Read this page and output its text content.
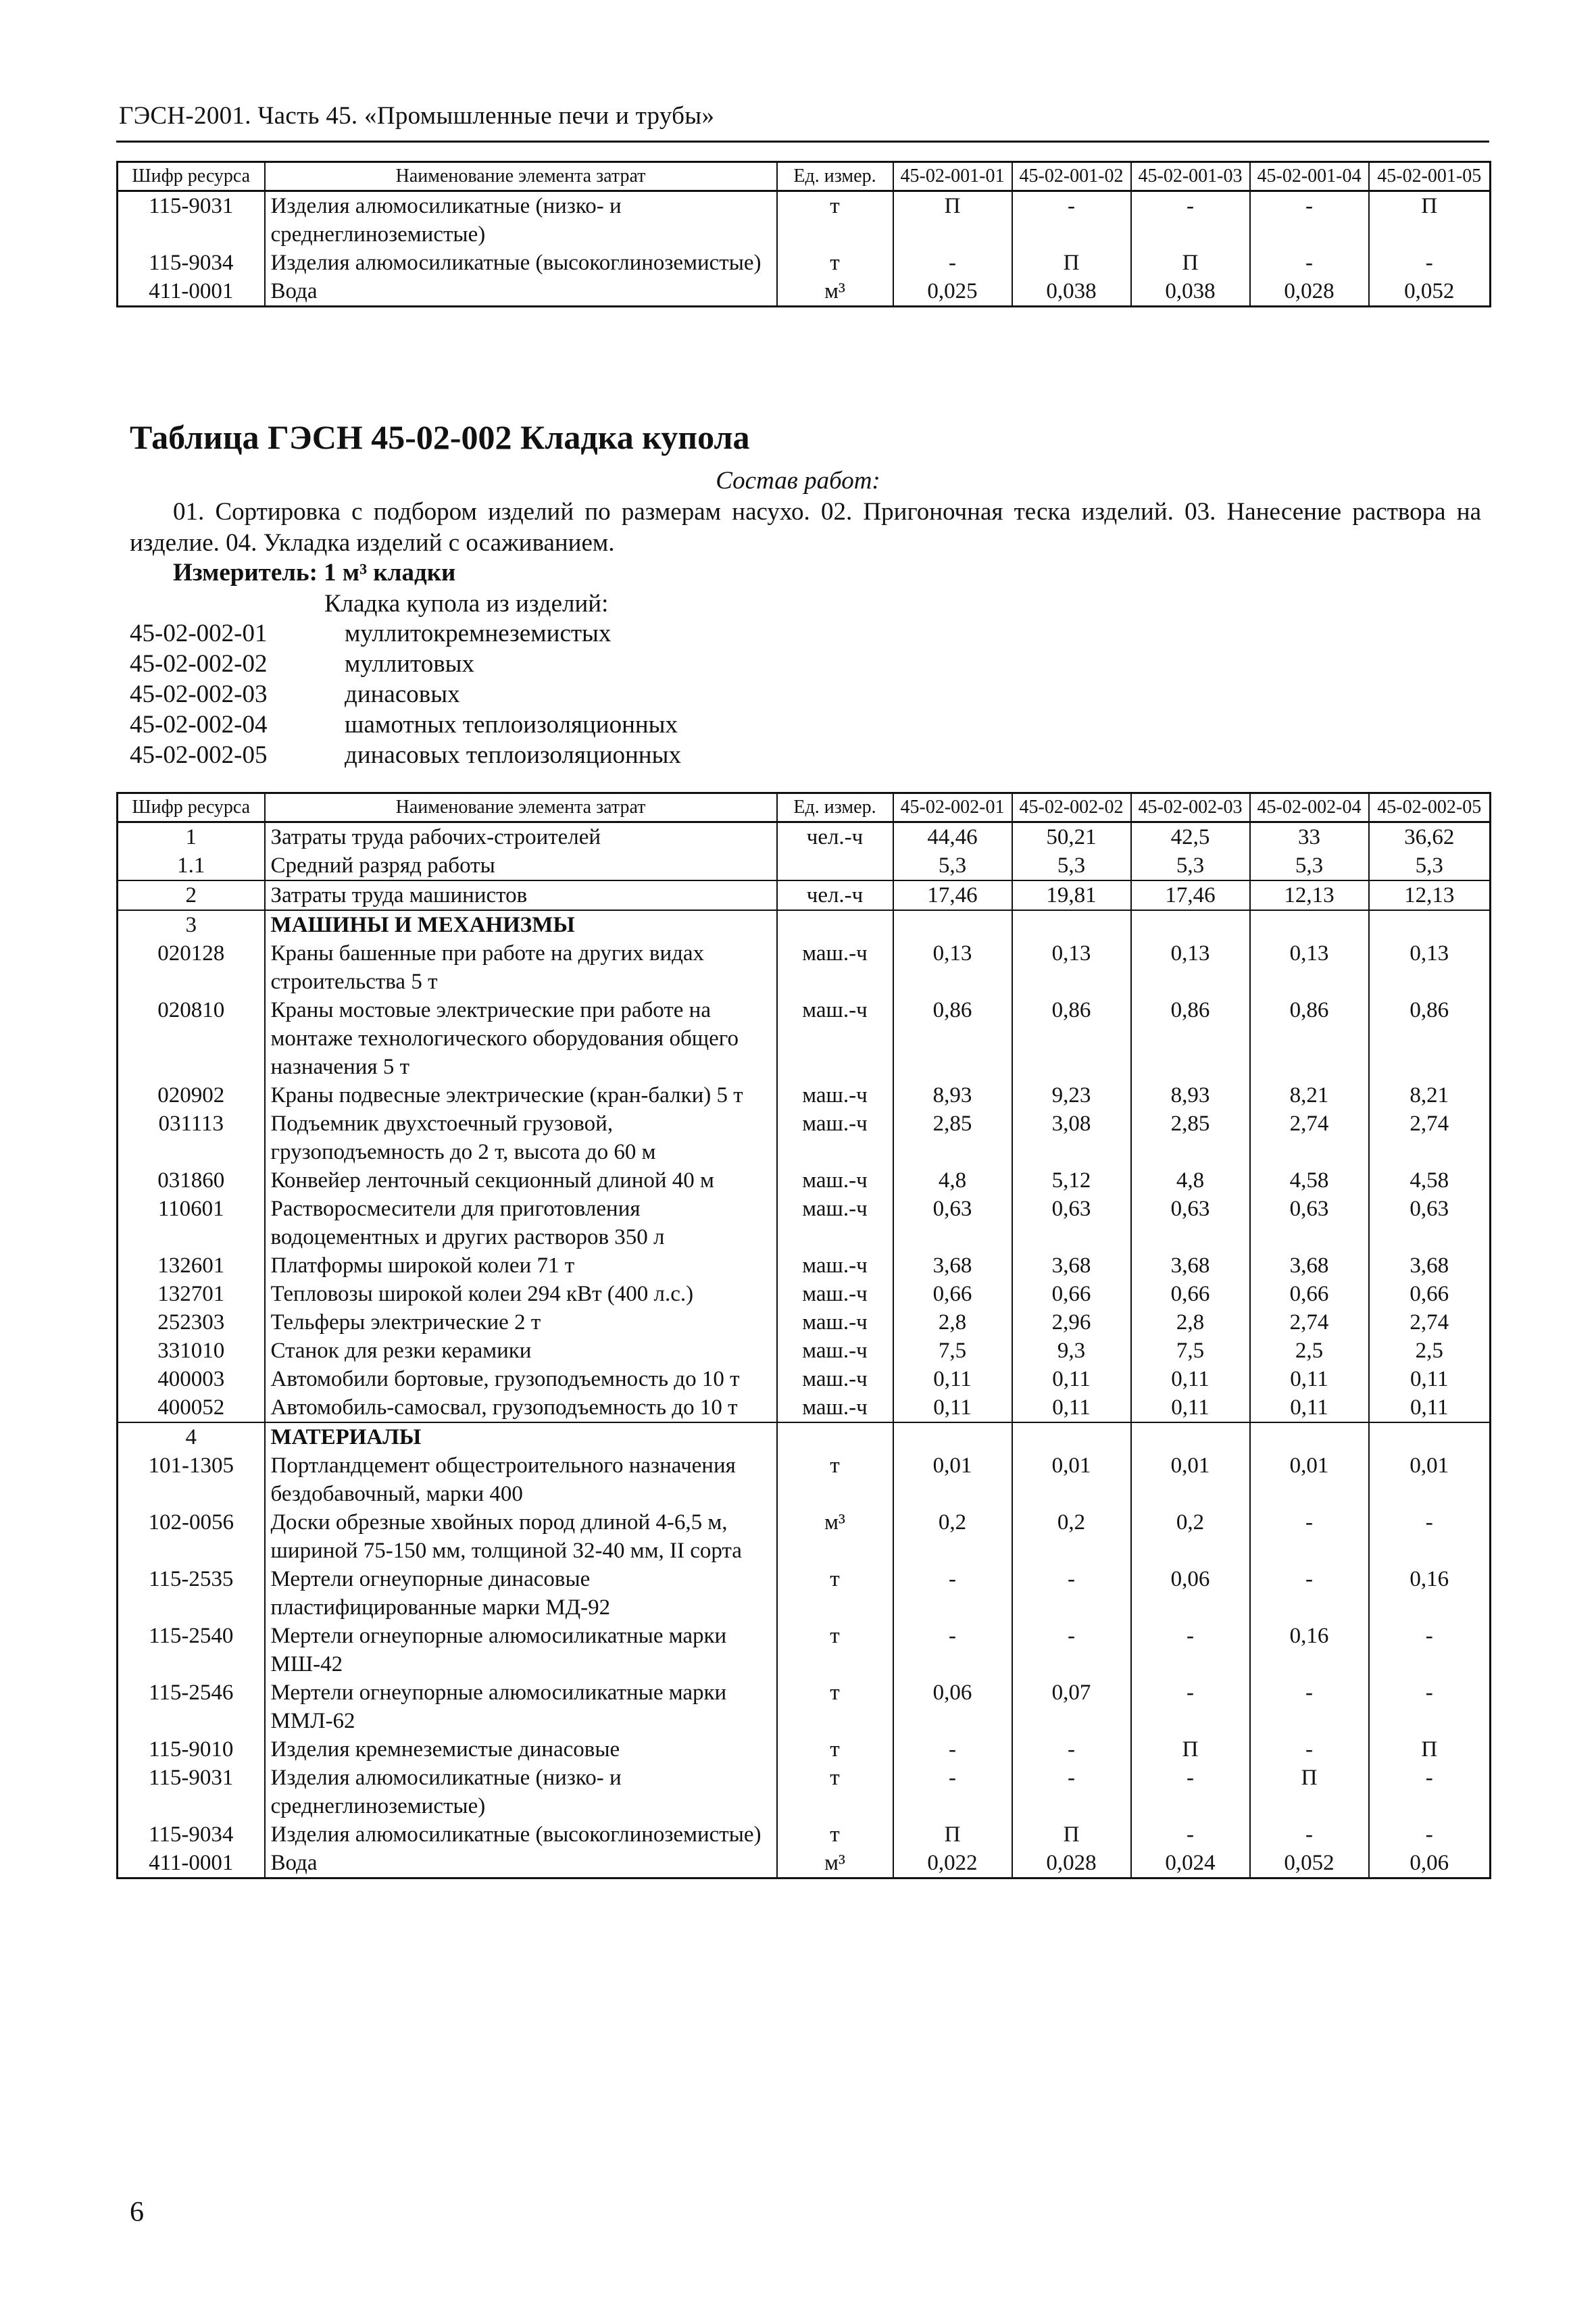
ГЭСН-2001. Часть 45. «Промышленные печи и трубы»
Шифр ресурса	Наименование элемента затрат	Ед. измер.	45-02-001-01	45-02-001-02	45-02-001-03	45-02-001-04	45-02-001-05
115-9031	Изделия алюмосиликатные (низко- и среднеглиноземистые)	т	П	-	-	-	П
115-9034	Изделия алюмосиликатные (высокоглиноземистые)	т	-	П	П	-	-
411-0001	Вода	м³	0,025	0,038	0,038	0,028	0,052
Таблица ГЭСН 45-02-002 Кладка купола
Состав работ:
01. Сортировка с подбором изделий по размерам насухо. 02. Пригоночная теска изделий. 03. Нанесение раствора на изделие. 04. Укладка изделий с осаживанием.
Измеритель: 1 м³ кладки
Кладка купола из изделий:
45-02-002-01	муллитокремнеземистых
45-02-002-02	муллитовых
45-02-002-03	динасовых
45-02-002-04	шамотных теплоизоляционных
45-02-002-05	динасовых теплоизоляционных
Шифр ресурса	Наименование элемента затрат	Ед. измер.	45-02-002-01	45-02-002-02	45-02-002-03	45-02-002-04	45-02-002-05
1	Затраты труда рабочих-строителей	чел.-ч	44,46	50,21	42,5	33	36,62
1.1	Средний разряд работы		5,3	5,3	5,3	5,3	5,3
2	Затраты труда машинистов	чел.-ч	17,46	19,81	17,46	12,13	12,13
3	МАШИНЫ И МЕХАНИЗМЫ						
020128	Краны башенные при работе на других видах строительства 5 т	маш.-ч	0,13	0,13	0,13	0,13	0,13
020810	Краны мостовые электрические при работе на монтаже технологического оборудования общего назначения 5 т	маш.-ч	0,86	0,86	0,86	0,86	0,86
020902	Краны подвесные электрические (кран-балки) 5 т	маш.-ч	8,93	9,23	8,93	8,21	8,21
031113	Подъемник двухстоечный грузовой, грузоподъемность до 2 т, высота до 60 м	маш.-ч	2,85	3,08	2,85	2,74	2,74
031860	Конвейер ленточный секционный длиной 40 м	маш.-ч	4,8	5,12	4,8	4,58	4,58
110601	Растворосмесители для приготовления водоцементных и других растворов 350 л	маш.-ч	0,63	0,63	0,63	0,63	0,63
132601	Платформы широкой колеи 71 т	маш.-ч	3,68	3,68	3,68	3,68	3,68
132701	Тепловозы широкой колеи 294 кВт (400 л.с.)	маш.-ч	0,66	0,66	0,66	0,66	0,66
252303	Тельферы электрические 2 т	маш.-ч	2,8	2,96	2,8	2,74	2,74
331010	Станок для резки керамики	маш.-ч	7,5	9,3	7,5	2,5	2,5
400003	Автомобили бортовые, грузоподъемность до 10 т	маш.-ч	0,11	0,11	0,11	0,11	0,11
400052	Автомобиль-самосвал, грузоподъемность до 10 т	маш.-ч	0,11	0,11	0,11	0,11	0,11
4	МАТЕРИАЛЫ						
101-1305	Портландцемент общестроительного назначения бездобавочный, марки 400	т	0,01	0,01	0,01	0,01	0,01
102-0056	Доски обрезные хвойных пород длиной 4-6,5 м, шириной 75-150 мм, толщиной 32-40 мм, II сорта	м³	0,2	0,2	0,2	-	-
115-2535	Мертели огнеупорные динасовые пластифицированные марки МД-92	т	-	-	0,06	-	0,16
115-2540	Мертели огнеупорные алюмосиликатные марки МШ-42	т	-	-	-	0,16	-
115-2546	Мертели огнеупорные алюмосиликатные марки ММЛ-62	т	0,06	0,07	-	-	-
115-9010	Изделия кремнеземистые динасовые	т	-	-	П	-	П
115-9031	Изделия алюмосиликатные (низко- и среднеглиноземистые)	т	-	-	-	П	-
115-9034	Изделия алюмосиликатные (высокоглиноземистые)	т	П	П	-	-	-
411-0001	Вода	м³	0,022	0,028	0,024	0,052	0,06
6
